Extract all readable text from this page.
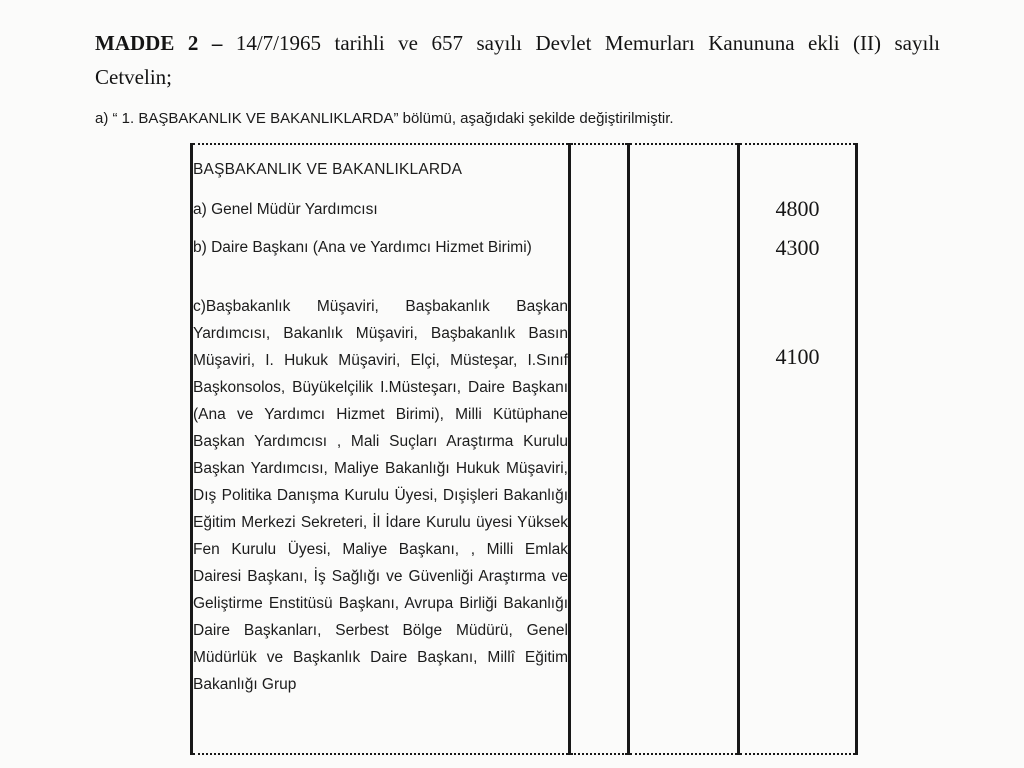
MADDE 2 – 14/7/1965 tarihli ve 657 sayılı Devlet Memurları Kanununa ekli (II) sayılı
Cetvelin;
a) “ 1. BAŞBAKANLIK VE BAKANLIKLARDA” bölümü, aşağıdaki şekilde değiştirilmiştir.
BAŞBAKANLIK VE BAKANLIKLARDA			
a) Genel Müdür Yardımcısı			4800
b) Daire Başkanı (Ana ve Yardımcı Hizmet Birimi)			4300

c)Başbakanlık Müşaviri, Başbakanlık Başkan Yardımcısı, Bakanlık Müşaviri, Başbakanlık Basın Müşaviri, I. Hukuk Müşaviri, Elçi, Müsteşar, I.Sınıf Başkonsolos, Büyükelçilik I.Müsteşarı, Daire Başkanı (Ana ve Yardımcı Hizmet Birimi), Milli Kütüphane Başkan Yardımcısı , Mali Suçları Araştırma Kurulu Başkan Yardımcısı, Maliye Bakanlığı Hukuk Müşaviri, Dış Politika Danışma Kurulu Üyesi, Dışişleri Bakanlığı Eğitim Merkezi Sekreteri, İl İdare Kurulu üyesi Yüksek Fen Kurulu Üyesi, Maliye Başkanı, , Milli Emlak Dairesi Başkanı, İş Sağlığı ve Güvenliği Araştırma ve Geliştirme Enstitüsü Başkanı, Avrupa Birliği Bakanlığı Daire Başkanları, Serbest Bölge Müdürü, Genel Müdürlük ve Başkanlık Daire Başkanı, Millî Eğitim Bakanlığı Grup			4100
